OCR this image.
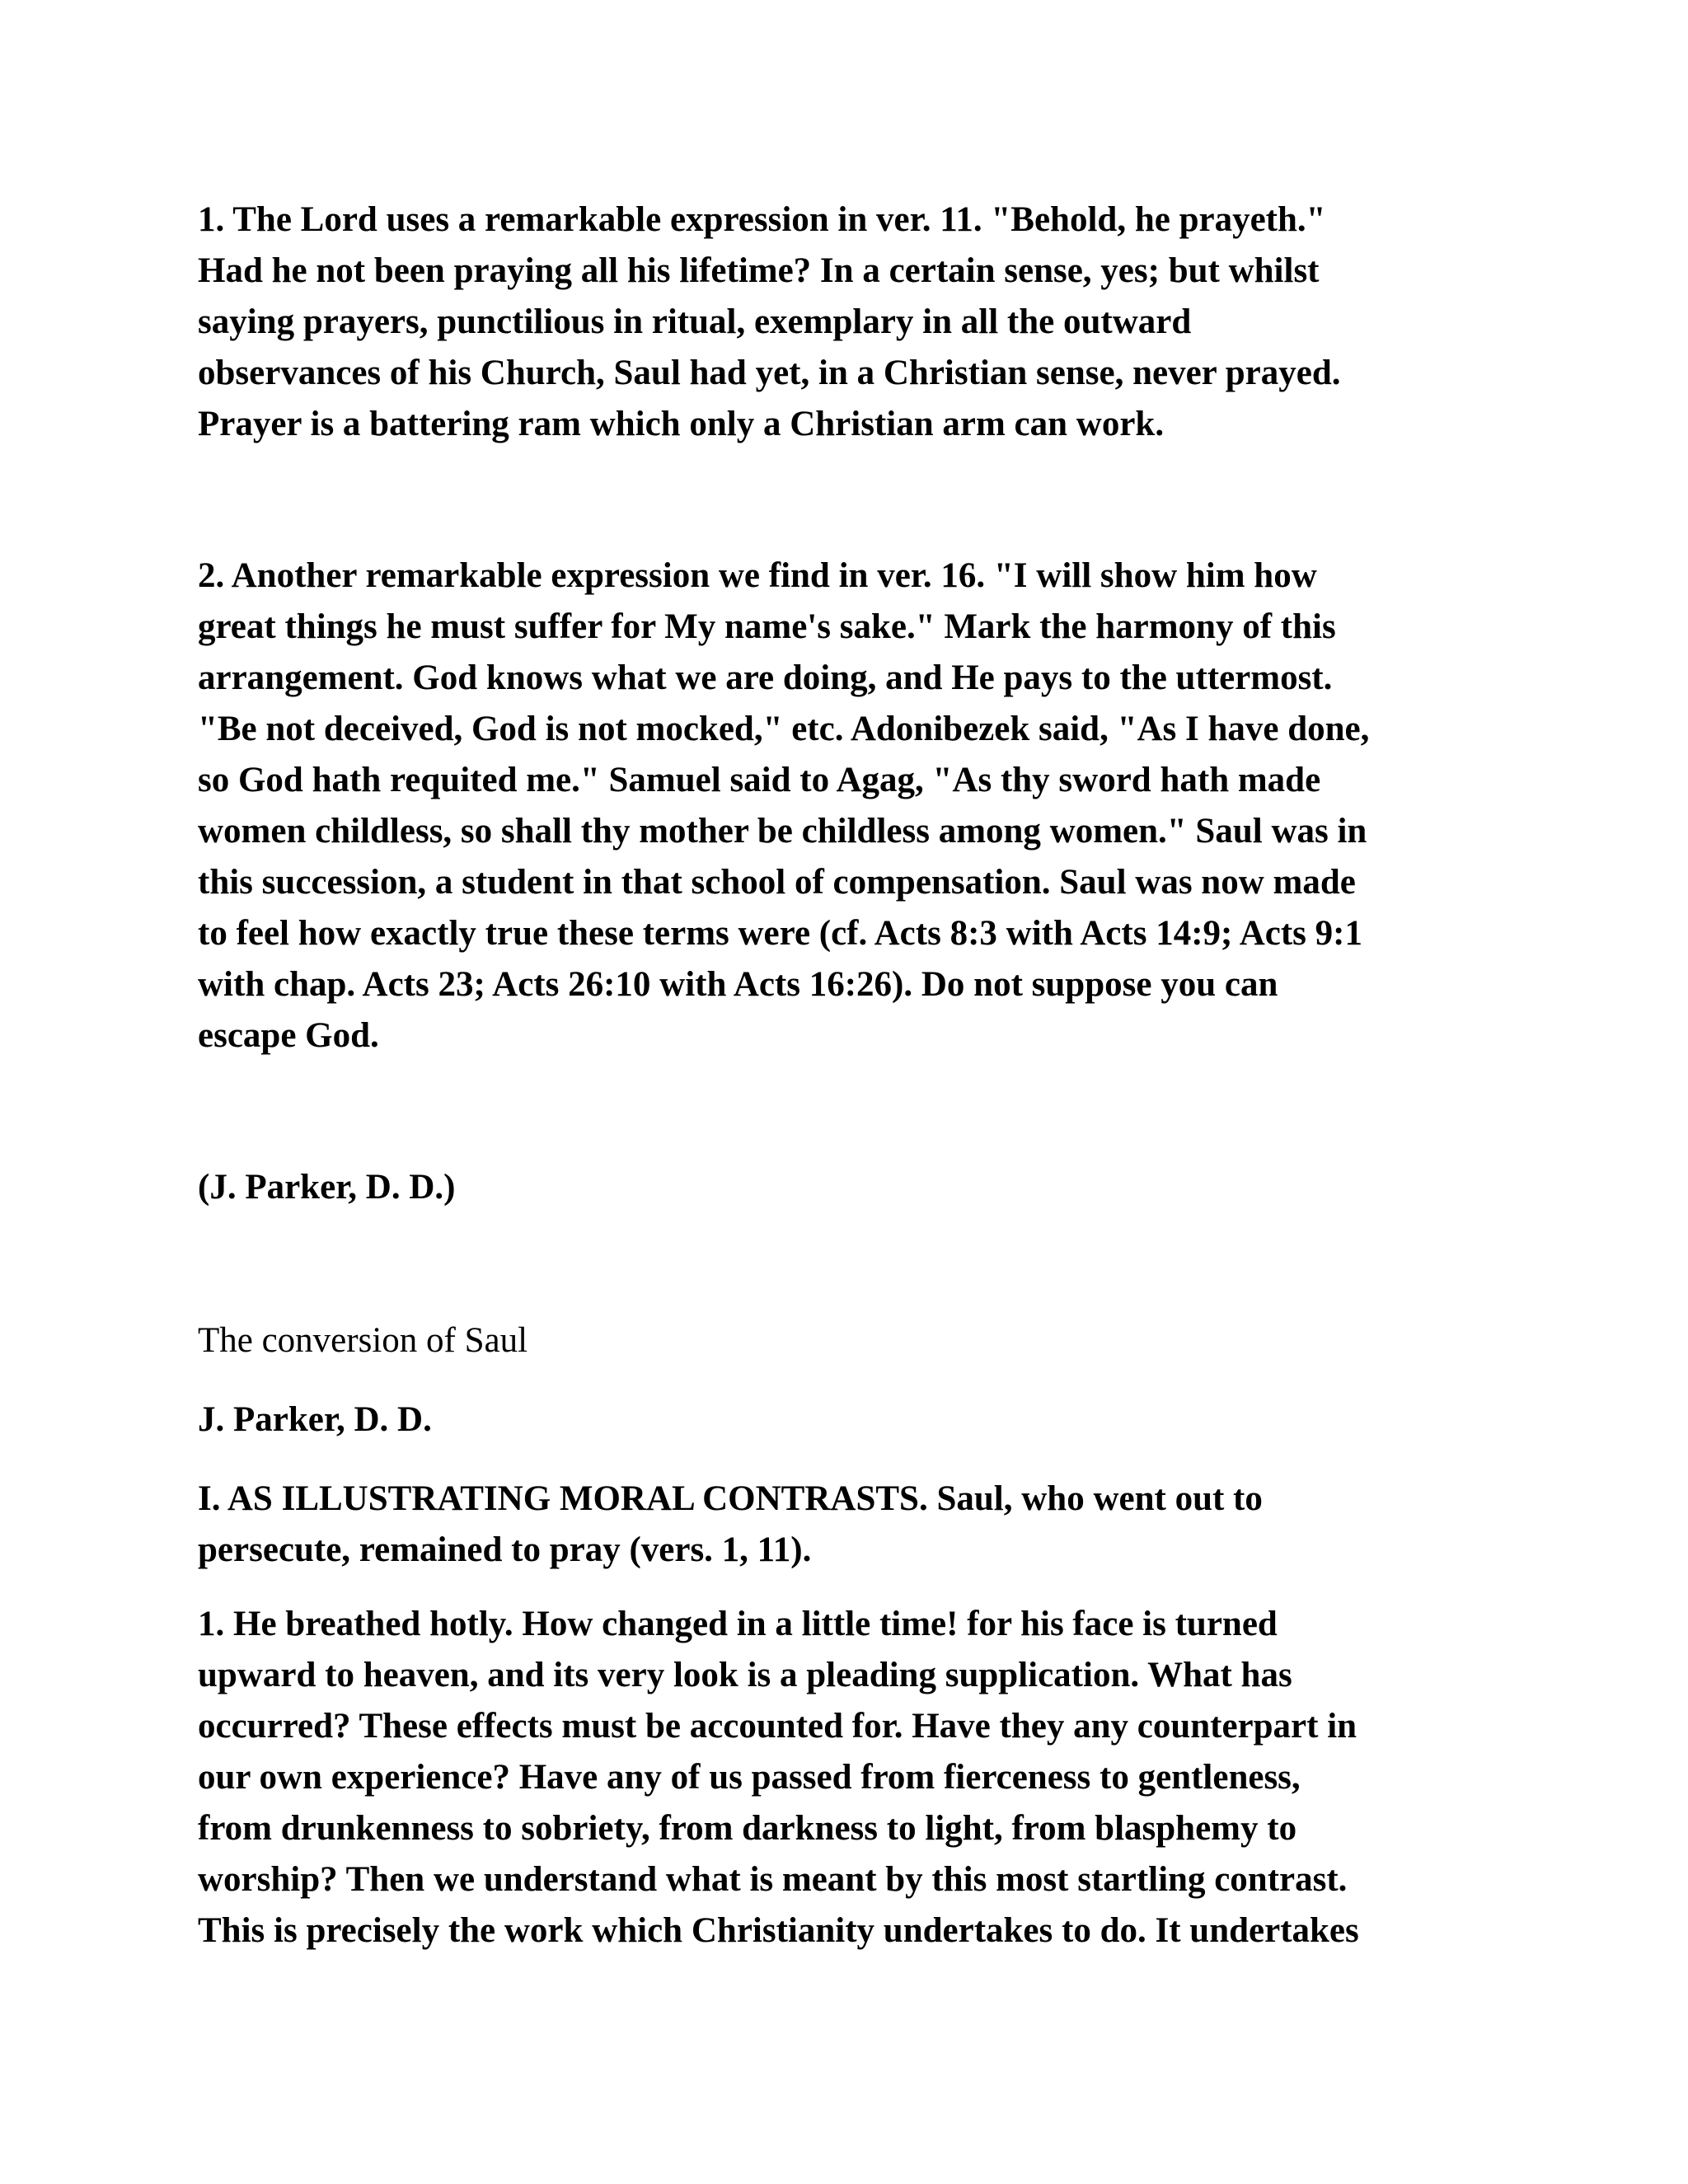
1. The Lord uses a remarkable expression in ver. 11. "Behold, he prayeth."
Had he not been praying all his lifetime? In a certain sense, yes; but whilst
saying prayers, punctilious in ritual, exemplary in all the outward
observances of his Church, Saul had yet, in a Christian sense, never prayed.
Prayer is a battering ram which only a Christian arm can work.
2. Another remarkable expression we find in ver. 16. "I will show him how
great things he must suffer for My name's sake." Mark the harmony of this
arrangement. God knows what we are doing, and He pays to the uttermost.
"Be not deceived, God is not mocked," etc. Adonibezek said, "As I have done,
so God hath requited me." Samuel said to Agag, "As thy sword hath made
women childless, so shall thy mother be childless among women." Saul was in
this succession, a student in that school of compensation. Saul was now made
to feel how exactly true these terms were (cf. Acts 8:3 with Acts 14:9; Acts 9:1
with chap. Acts 23; Acts 26:10 with Acts 16:26). Do not suppose you can
escape God.
(J. Parker, D. D.)
The conversion of Saul
J. Parker, D. D.
I. AS ILLUSTRATING MORAL CONTRASTS. Saul, who went out to
persecute, remained to pray (vers. 1, 11).
1. He breathed hotly. How changed in a little time! for his face is turned
upward to heaven, and its very look is a pleading supplication. What has
occurred? These effects must be accounted for. Have they any counterpart in
our own experience? Have any of us passed from fierceness to gentleness,
from drunkenness to sobriety, from darkness to light, from blasphemy to
worship? Then we understand what is meant by this most startling contrast.
This is precisely the work which Christianity undertakes to do. It undertakes
